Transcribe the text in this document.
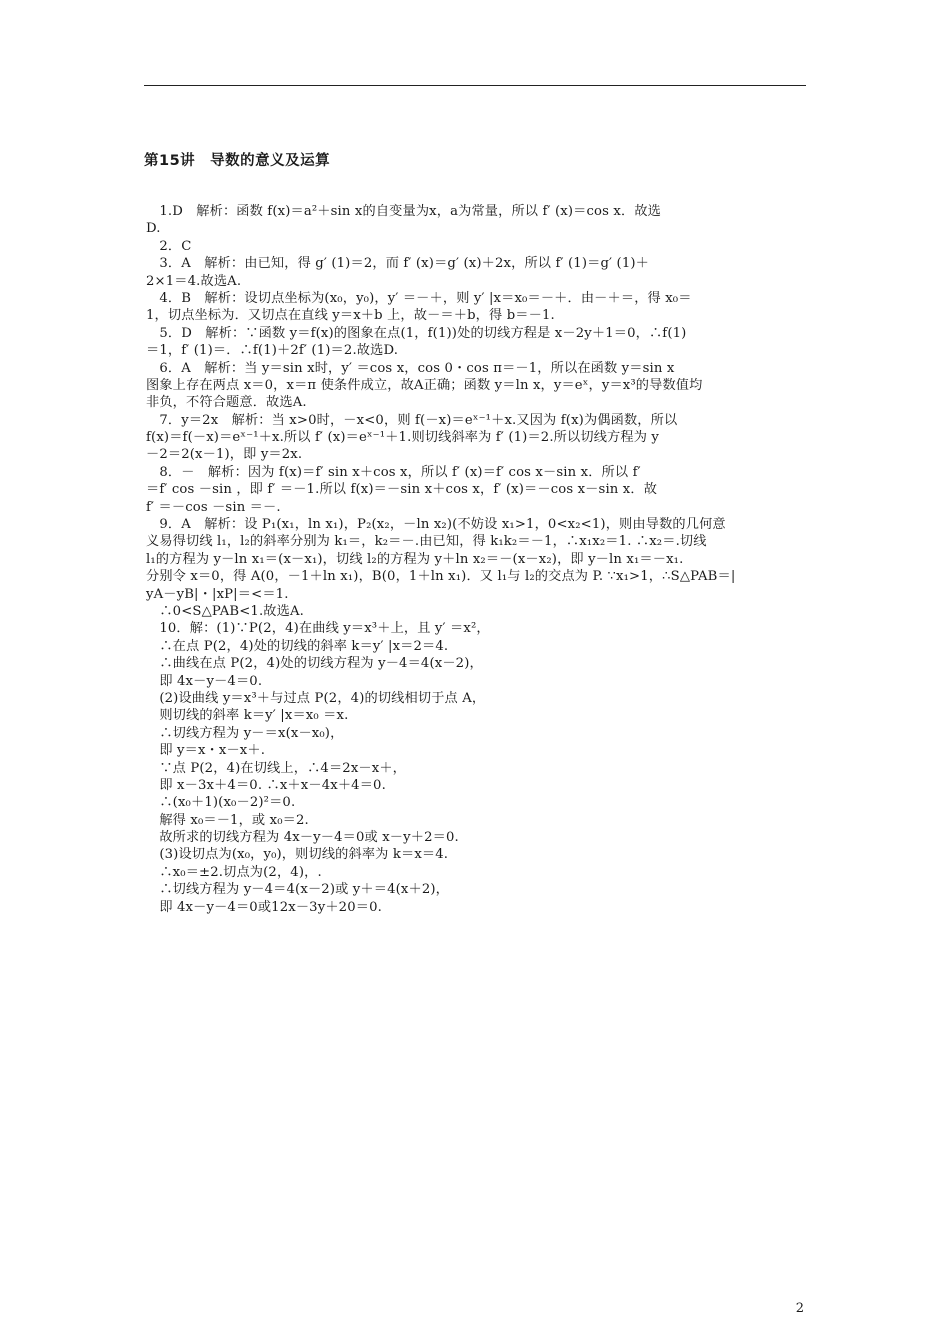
第15讲　导数的意义及运算
　1.D　解析：函数 f(x)＝a²＋sin x的自变量为x，a为常量，所以 f′ (x)＝cos x．故选
D.
　2．C
　3．A　解析：由已知，得 g′ (1)＝2，而 f′ (x)＝g′ (x)＋2x，所以 f′ (1)＝g′ (1)＋
2×1＝4.故选A.
　4．B　解析：设切点坐标为(x₀，y₀)，y′ ＝－＋，则 y′ |x＝x₀＝－＋．由－＋＝，得 x₀＝
1，切点坐标为．又切点在直线 y＝x＋b 上，故－＝＋b，得 b＝－1.
　5．D　解析：∵函数 y＝f(x)的图象在点(1，f(1))处的切线方程是 x－2y＋1＝0，∴f(1)
＝1，f′ (1)＝．∴f(1)＋2f′ (1)＝2.故选D.
　6．A　解析：当 y＝sin x时，y′ ＝cos x，cos 0・cos π＝－1，所以在函数 y＝sin x
图象上存在两点 x＝0，x＝π 使条件成立，故A正确；函数 y＝ln x，y＝eˣ，y＝x³的导数值均
非负，不符合题意．故选A.
　7．y＝2x　解析：当 x>0时，－x<0，则 f(－x)＝eˣ⁻¹＋x.又因为 f(x)为偶函数，所以
f(x)＝f(－x)＝eˣ⁻¹＋x.所以 f′ (x)＝eˣ⁻¹＋1.则切线斜率为 f′ (1)＝2.所以切线方程为 y
－2＝2(x－1)，即 y＝2x.
　8．－　解析：因为 f(x)＝f′ sin x＋cos x，所以 f′ (x)＝f′ cos x－sin x．所以 f′
＝f′ cos －sin ，即 f′ ＝－1.所以 f(x)＝－sin x＋cos x，f′ (x)＝－cos x－sin x．故
f′ ＝－cos －sin ＝－.
　9．A　解析：设 P₁(x₁，ln x₁)，P₂(x₂，－ln x₂)(不妨设 x₁>1，0<x₂<1)，则由导数的几何意
义易得切线 l₁，l₂的斜率分别为 k₁＝，k₂＝－.由已知，得 k₁k₂＝－1，∴x₁x₂＝1. ∴x₂＝.切线
l₁的方程为 y－ln x₁＝(x－x₁)，切线 l₂的方程为 y＋ln x₂＝－(x－x₂)，即 y－ln x₁＝－x₁.
分别令 x＝0，得 A(0，－1＋ln x₁)，B(0，1＋ln x₁)．又 l₁与 l₂的交点为 P. ∵x₁>1，∴S△PAB＝|
yA－yB|・|xP|＝<＝1.
　∴0<S△PAB<1.故选A.
　10．解：(1)∵P(2，4)在曲线 y＝x³＋上，且 y′ ＝x²，
　∴在点 P(2，4)处的切线的斜率 k＝y′ |x＝2＝4.
　∴曲线在点 P(2，4)处的切线方程为 y－4＝4(x－2)，
　即 4x－y－4＝0.
　(2)设曲线 y＝x³＋与过点 P(2，4)的切线相切于点 A，
　则切线的斜率 k＝y′ |x＝x₀ ＝x.
　∴切线方程为 y－＝x(x－x₀)，
　即 y＝x・x－x＋.
　∵点 P(2，4)在切线上，∴4＝2x－x＋，
　即 x－3x＋4＝0. ∴x＋x－4x＋4＝0.
　∴(x₀＋1)(x₀－2)²＝0.
　解得 x₀＝－1，或 x₀＝2.
　故所求的切线方程为 4x－y－4＝0或 x－y＋2＝0.
　(3)设切点为(x₀，y₀)，则切线的斜率为 k＝x＝4.
　∴x₀＝±2.切点为(2，4)，.
　∴切线方程为 y－4＝4(x－2)或 y＋＝4(x＋2)，
　即 4x－y－4＝0或12x－3y＋20＝0.
2
